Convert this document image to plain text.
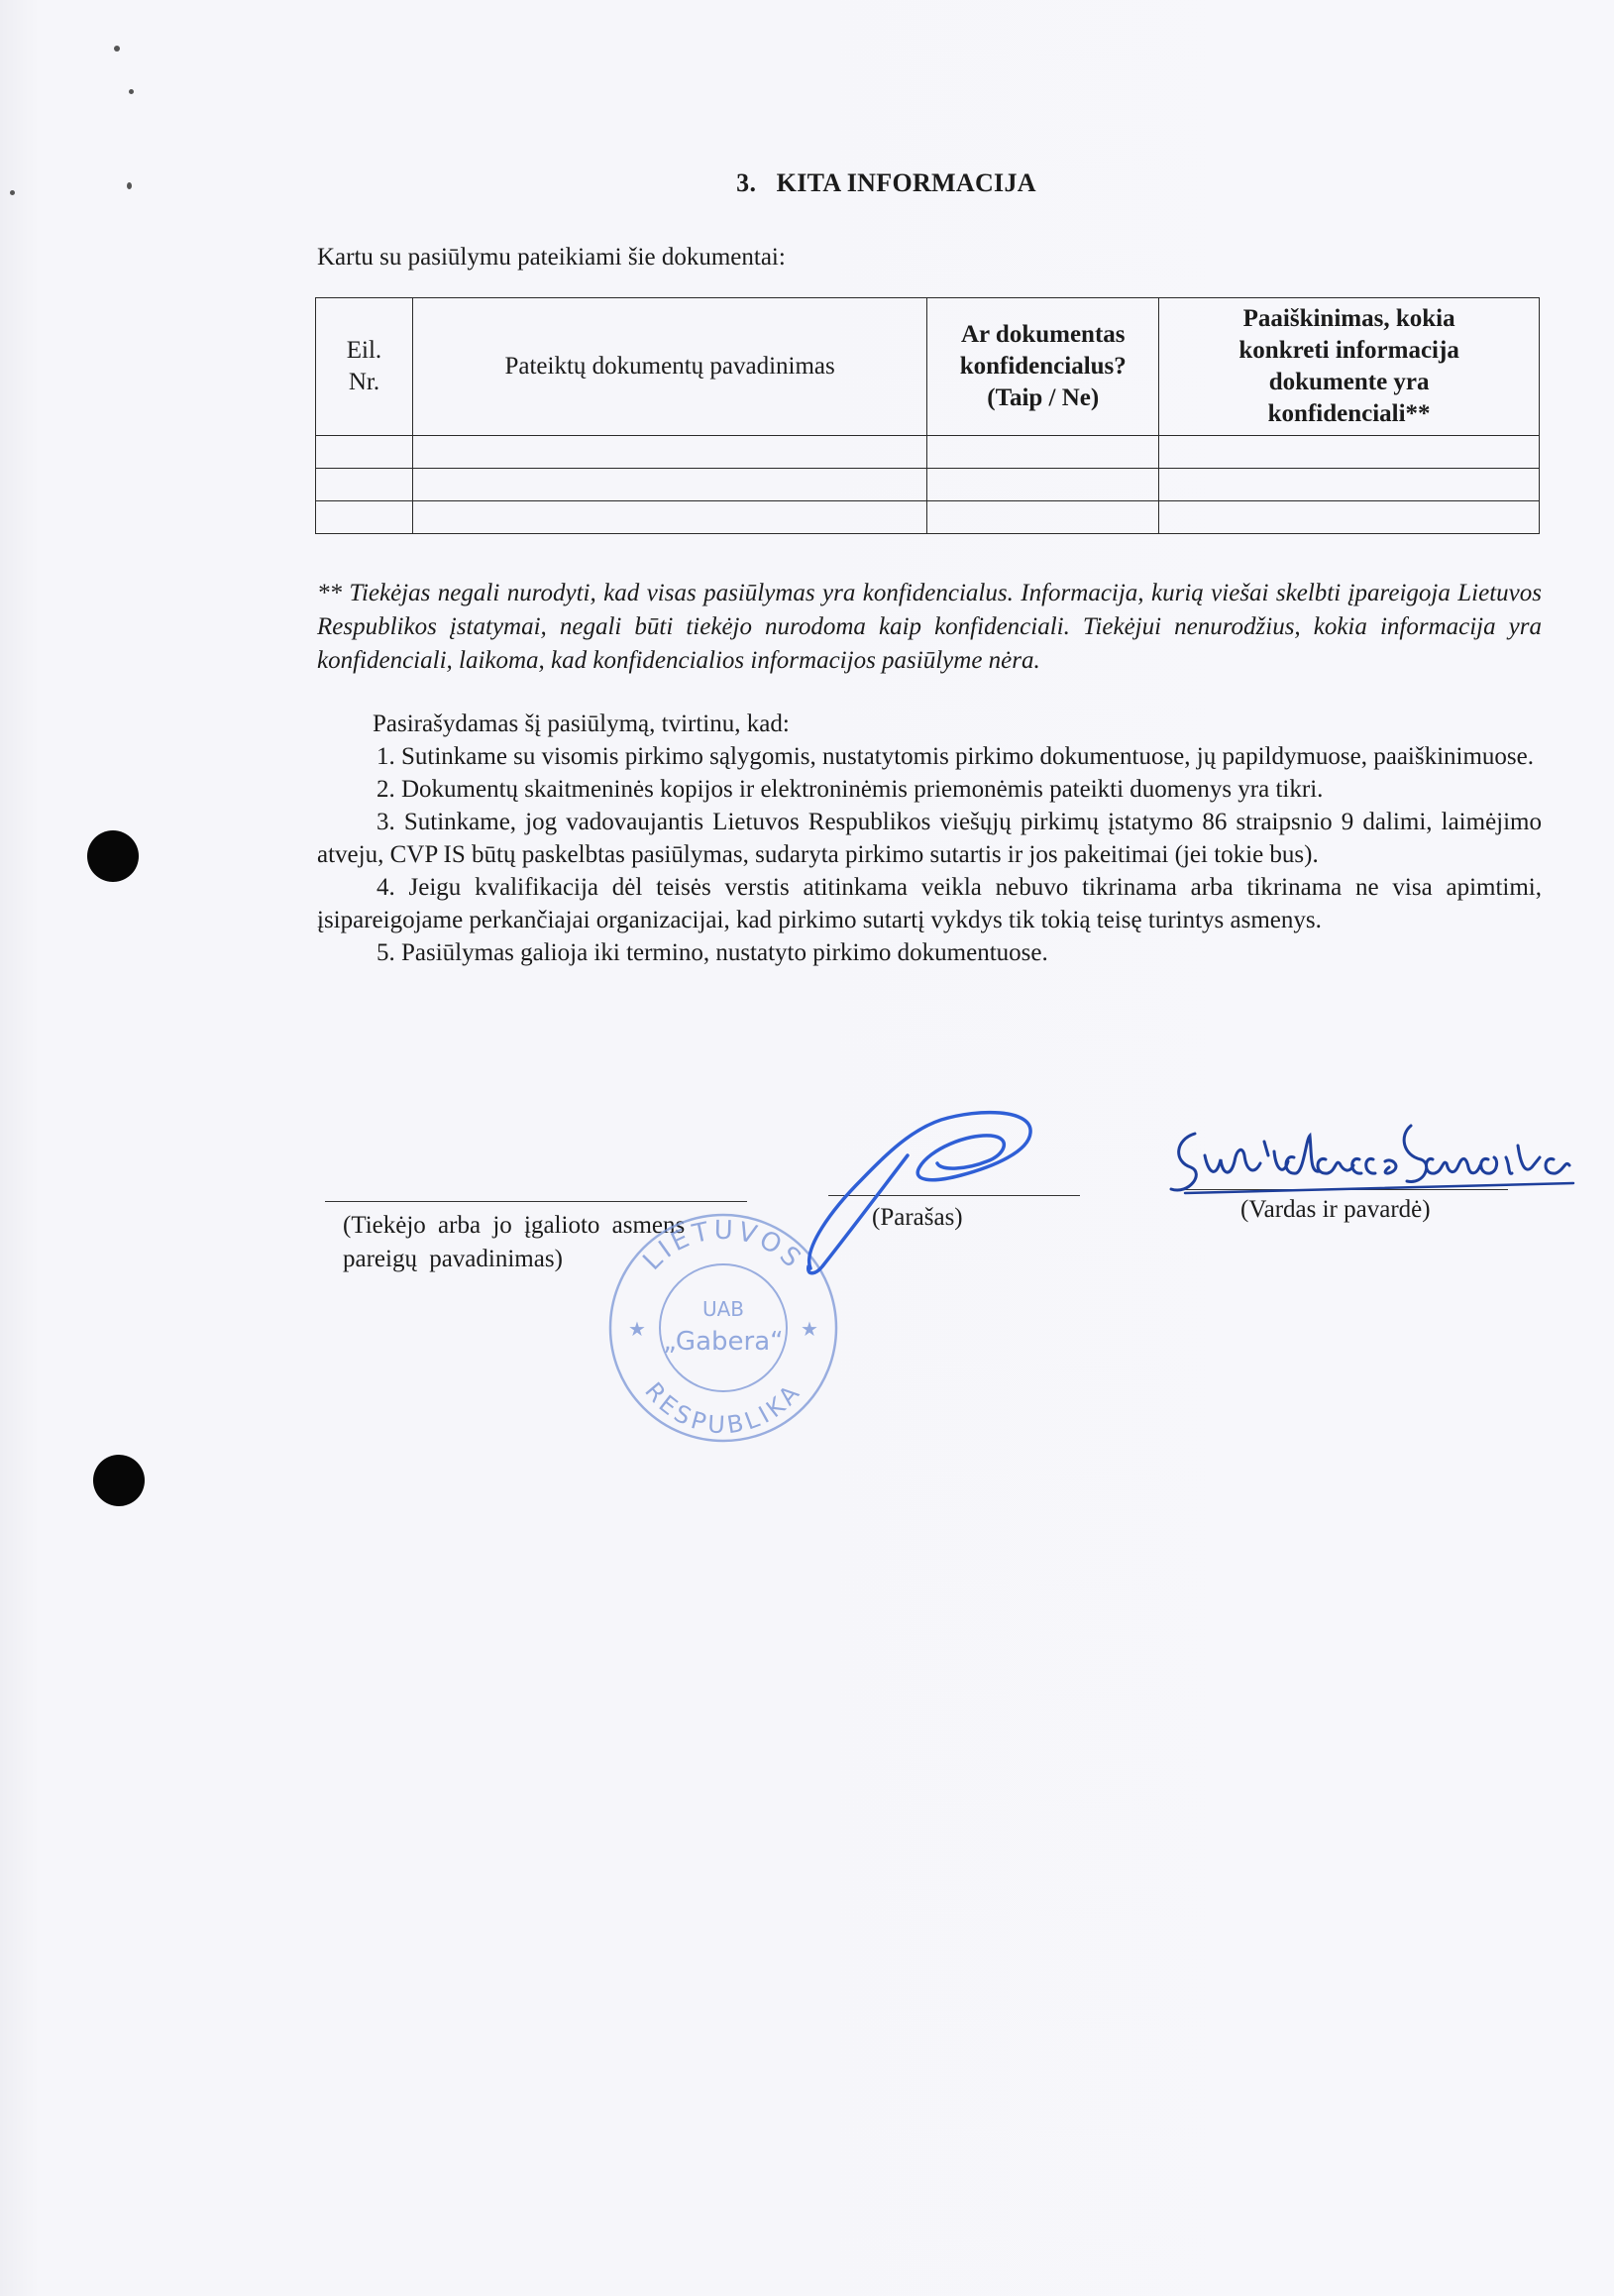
3. KITA INFORMACIJA
Kartu su pasiūlymu pateikiami šie dokumentai:
Eil. Nr.	Pateiktų dokumentų pavadinimas	Ar dokumentas konfidencialus? (Taip / Ne)	Paaiškinimas, kokia konkreti informacija dokumente yra konfidenciali**

** Tiekėjas negali nurodyti, kad visas pasiūlymas yra konfidencialus. Informacija, kurią viešai skelbti įpareigoja Lietuvos Respublikos įstatymai, negali būti tiekėjo nurodoma kaip konfidenciali. Tiekėjui nenurodžius, kokia informacija yra konfidenciali, laikoma, kad konfidencialios informacijos pasiūlyme nėra.

Pasirašydamas šį pasiūlymą, tvirtinu, kad:

1. Sutinkame su visomis pirkimo sąlygomis, nustatytomis pirkimo dokumentuose, jų papildymuose, paaiškinimuose.

2. Dokumentų skaitmeninės kopijos ir elektroninėmis priemonėmis pateikti duomenys yra tikri.

3. Sutinkame, jog vadovaujantis Lietuvos Respublikos viešųjų pirkimų įstatymo 86 straipsnio 9 dalimi, laimėjimo atveju, CVP IS būtų paskelbtas pasiūlymas, sudaryta pirkimo sutartis ir jos pakeitimai (jei tokie bus).

4. Jeigu kvalifikacija dėl teisės verstis atitinkama veikla nebuvo tikrinama arba tikrinama ne visa apimtimi, įsipareigojame perkančiajai organizacijai, kad pirkimo sutartį vykdys tik tokią teisę turintys asmenys.

5. Pasiūlymas galioja iki termino, nustatyto pirkimo dokumentuose.

(Tiekėjo arba jo įgalioto asmens pareigų pavadinimas)
(Parašas)	(Vardas ir pavardė)
LIETUVOS
RESPUBLIKA
UAB
„Gabera“
★	★
